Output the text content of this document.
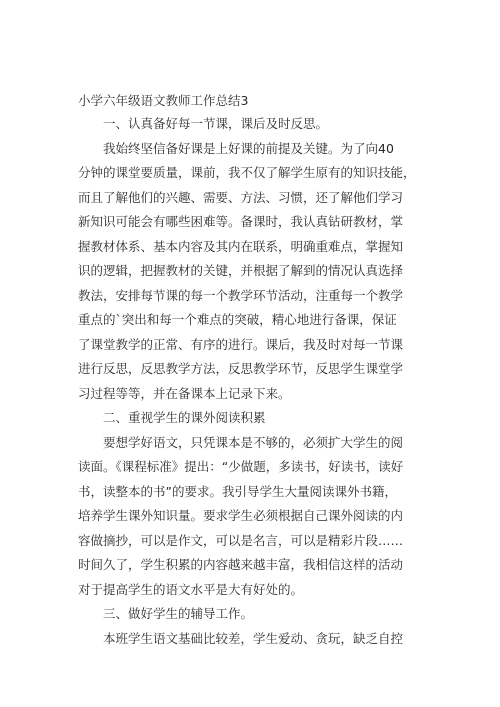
小学六年级语文教师工作总结3

一、认真备好每一节课，课后及时反思。

我始终坚信备好课是上好课的前提及关键。为了向40

分钟的课堂要质量，课前，我不仅了解学生原有的知识技能，

而且了解他们的兴趣、需要、方法、习惯，还了解他们学习

新知识可能会有哪些困难等。备课时，我认真钻研教材，掌

握教材体系、基本内容及其内在联系，明确重难点，掌握知

识的逻辑，把握教材的关键，并根据了解到的情况认真选择

教法，安排每节课的每一个教学环节活动，注重每一个教学

重点的`突出和每一个难点的突破，精心地进行备课，保证

了课堂教学的正常、有序的进行。课后，我及时对每一节课

进行反思，反思教学方法，反思教学环节，反思学生课堂学

习过程等等，并在备课本上记录下来。

二、重视学生的课外阅读积累

要想学好语文，只凭课本是不够的，必须扩大学生的阅

读面。《课程标准》提出：“少做题，多读书，好读书，读好

书，读整本的书”的要求。我引导学生大量阅读课外书籍，

培养学生课外知识量。要求学生必须根据自己课外阅读的内

容做摘抄，可以是作文，可以是名言，可以是精彩片段……

时间久了，学生积累的内容越来越丰富，我相信这样的活动

对于提高学生的语文水平是大有好处的。

三、做好学生的辅导工作。

本班学生语文基础比较差，学生爱动、贪玩，缺乏自控
